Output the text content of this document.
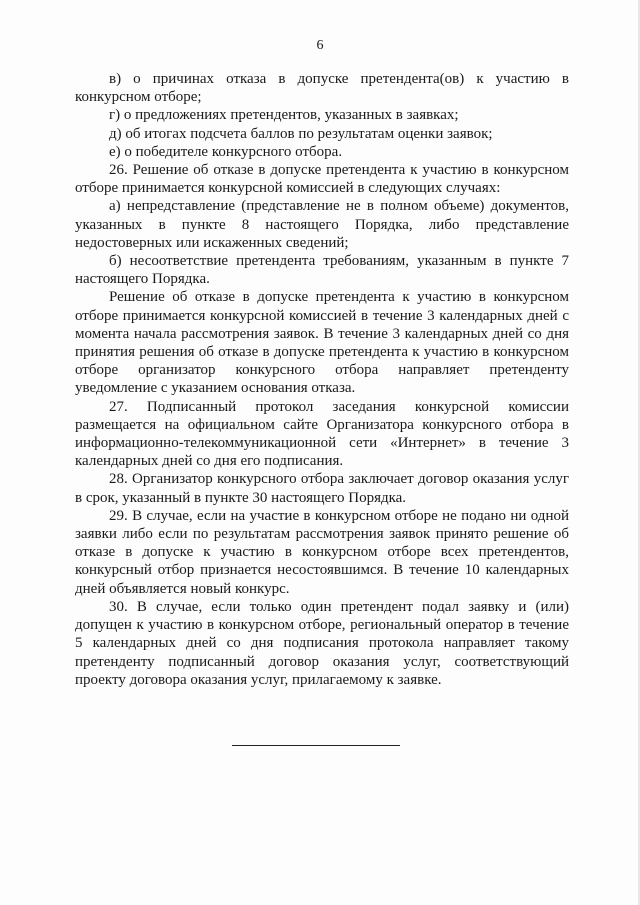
6

в) о причинах отказа в допуске претендента(ов) к участию в конкурсном отборе;

г) о предложениях претендентов, указанных в заявках;

д) об итогах подсчета баллов по результатам оценки заявок;

е) о победителе конкурсного отбора.

26. Решение об отказе в допуске претендента к участию в конкурсном отборе принимается конкурсной комиссией в следующих случаях:

а) непредставление (представление не в полном объеме) документов, указанных в пункте 8 настоящего Порядка, либо представление недостоверных или искаженных сведений;

б) несоответствие претендента требованиям, указанным в пункте 7 настоящего Порядка.

Решение об отказе в допуске претендента к участию в конкурсном отборе принимается конкурсной комиссией в течение 3 календарных дней с момента начала рассмотрения заявок. В течение 3 календарных дней со дня принятия решения об отказе в допуске претендента к участию в конкурсном отборе организатор конкурсного отбора направляет претенденту уведомление с указанием основания отказа.

27. Подписанный протокол заседания конкурсной комиссии размещается на официальном сайте Организатора конкурсного отбора в информационно-телекоммуникационной сети «Интернет» в течение 3 календарных дней со дня его подписания.

28. Организатор конкурсного отбора заключает договор оказания услуг в срок, указанный в пункте 30 настоящего Порядка.

29. В случае, если на участие в конкурсном отборе не подано ни одной заявки либо если по результатам рассмотрения заявок принято решение об отказе в допуске к участию в конкурсном отборе всех претендентов, конкурсный отбор признается несостоявшимся. В течение 10 календарных дней объявляется новый конкурс.

30. В случае, если только один претендент подал заявку и (или) допущен к участию в конкурсном отборе, региональный оператор в течение 5 календарных дней со дня подписания протокола направляет такому претенденту подписанный договор оказания услуг, соответствующий проекту договора оказания услуг, прилагаемому к заявке.
